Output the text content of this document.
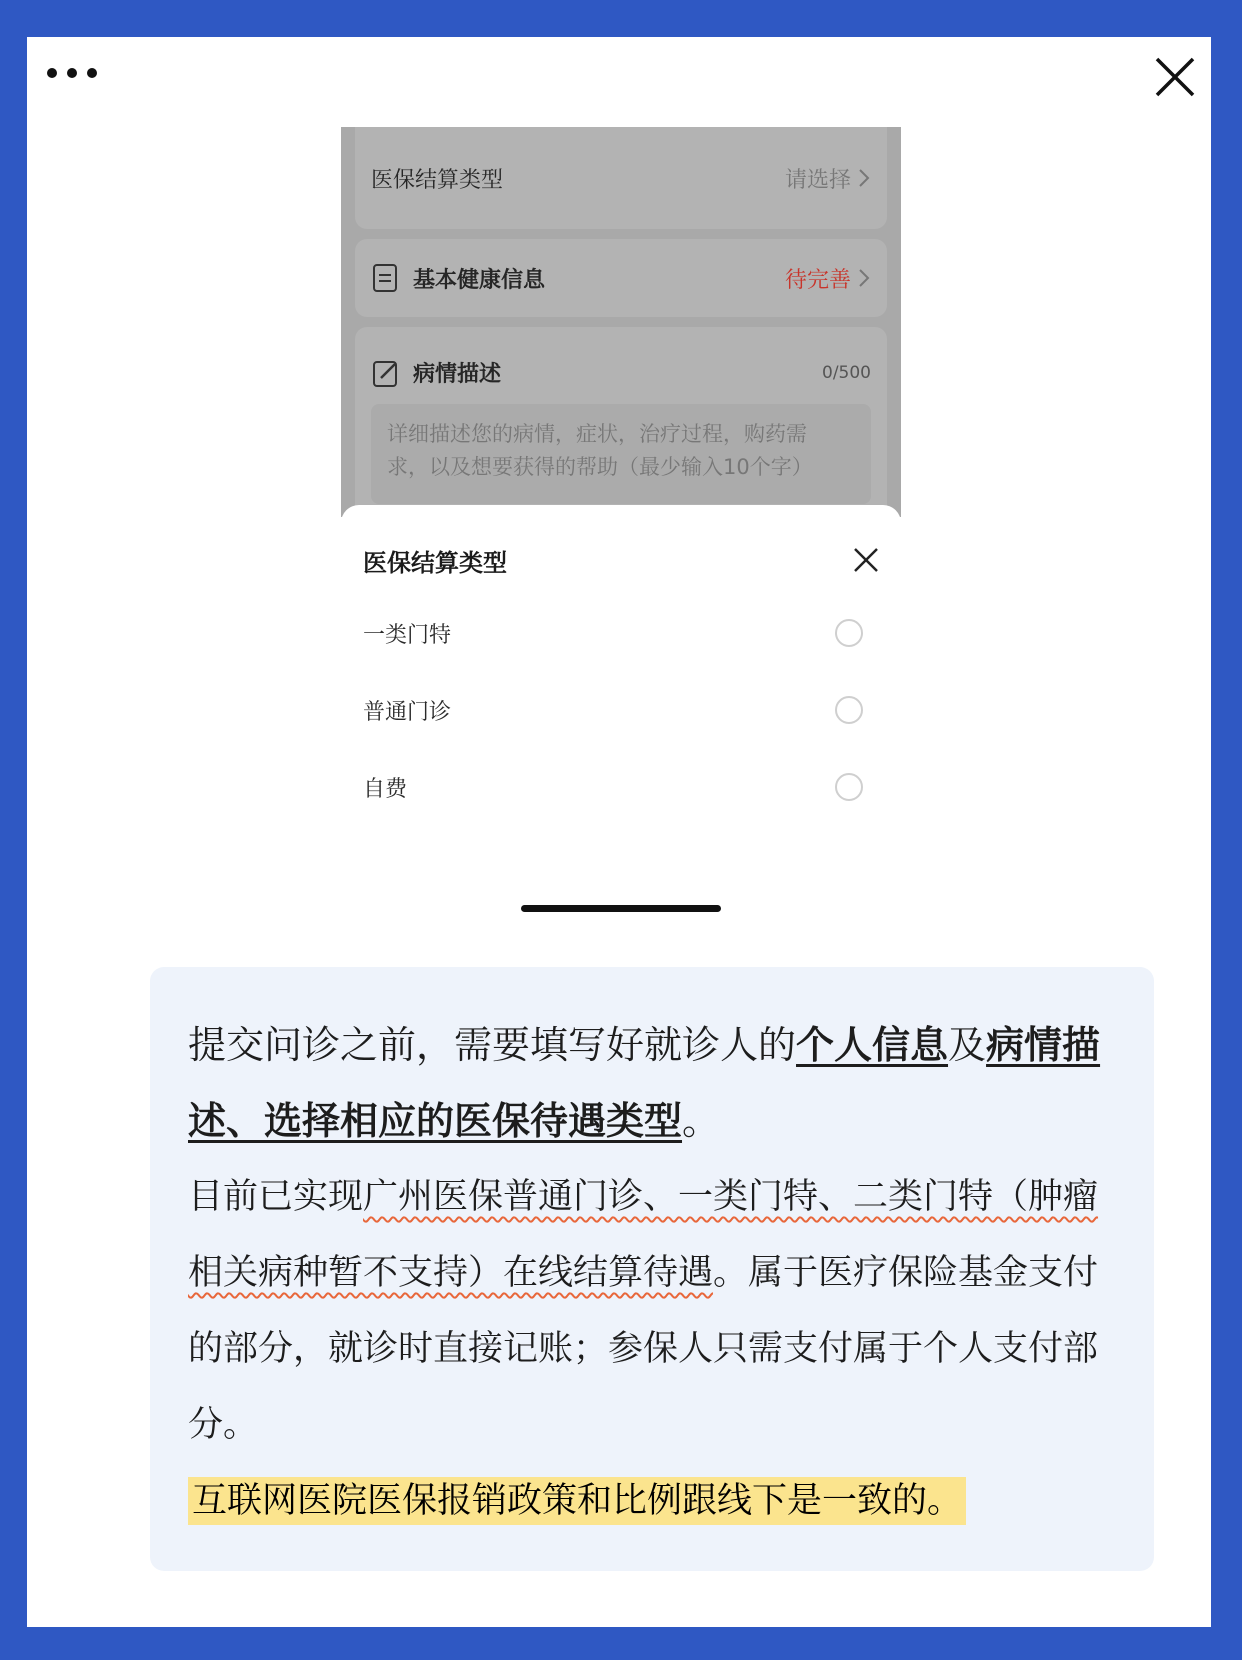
医保结算类型	请选择
基本健康信息	待完善
病情描述	0/500
详细描述您的病情，症状，治疗过程，购药需
求，以及想要获得的帮助（最少输入10个字）
医保结算类型
一类门特
普通门诊
自费

提交问诊之前，需要填写好就诊人的个人信息及病情描述、选择相应的医保待遇类型。

目前已实现广州医保普通门诊、一类门特、二类门特（肿瘤相关病种暂不支持）在线结算待遇。属于医疗保险基金支付的部分，就诊时直接记账；参保人只需支付属于个人支付部分。

互联网医院医保报销政策和比例跟线下是一致的。
